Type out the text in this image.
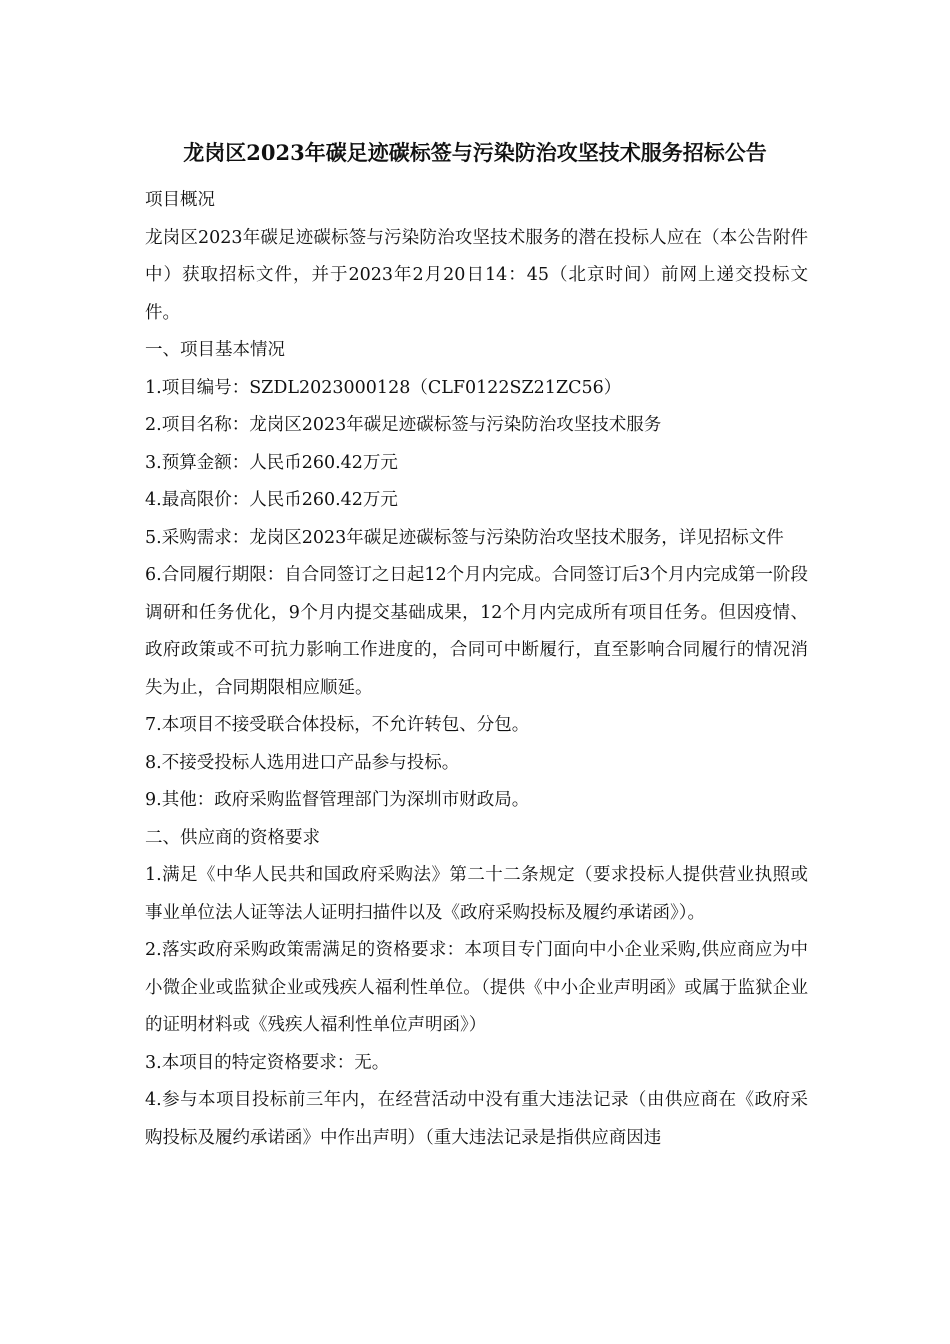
龙岗区2023年碳足迹碳标签与污染防治攻坚技术服务招标公告

项目概况

龙岗区2023年碳足迹碳标签与污染防治攻坚技术服务的潜在投标人应在（本公告附件中）获取招标文件，并于2023年2月20日14：45（北京时间）前网上递交投标文件。

一、项目基本情况

1.项目编号：SZDL2023000128（CLF0122SZ21ZC56）

2.项目名称：龙岗区2023年碳足迹碳标签与污染防治攻坚技术服务

3.预算金额：人民币260.42万元

4.最高限价：人民币260.42万元

5.采购需求：龙岗区2023年碳足迹碳标签与污染防治攻坚技术服务，详见招标文件

6.合同履行期限：自合同签订之日起12个月内完成。合同签订后3个月内完成第一阶段调研和任务优化，9个月内提交基础成果，12个月内完成所有项目任务。但因疫情、政府政策或不可抗力影响工作进度的，合同可中断履行，直至影响合同履行的情况消失为止，合同期限相应顺延。

7.本项目不接受联合体投标，不允许转包、分包。

8.不接受投标人选用进口产品参与投标。

9.其他：政府采购监督管理部门为深圳市财政局。

二、供应商的资格要求

1.满足《中华人民共和国政府采购法》第二十二条规定（要求投标人提供营业执照或事业单位法人证等法人证明扫描件以及《政府采购投标及履约承诺函》）。

2.落实政府采购政策需满足的资格要求：本项目专门面向中小企业采购,供应商应为中小微企业或监狱企业或残疾人福利性单位。（提供《中小企业声明函》或属于监狱企业的证明材料或《残疾人福利性单位声明函》）

3.本项目的特定资格要求：无。

4.参与本项目投标前三年内，在经营活动中没有重大违法记录（由供应商在《政府采购投标及履约承诺函》中作出声明）（重大违法记录是指供应商因违
